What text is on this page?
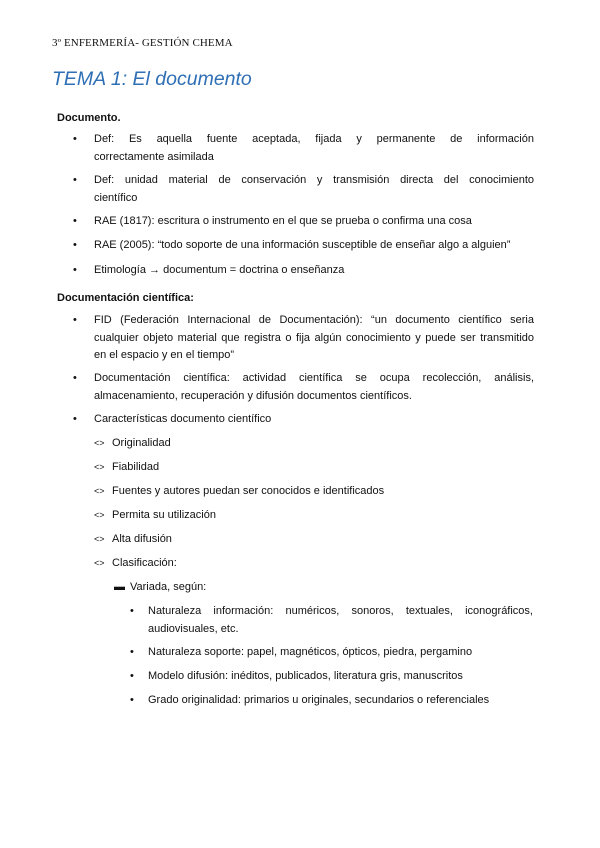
3º ENFERMERÍA- GESTIÓN CHEMA
TEMA 1: El documento
Documento.
• Def: Es aquella fuente aceptada, fijada y permanente de información
correctamente asimilada
• Def: unidad material de conservación y transmisión directa del conocimiento
científico
• RAE (1817): escritura o instrumento en el que se prueba o confirma una cosa
• RAE (2005): “todo soporte de una información susceptible de enseñar algo a alguien”
• Etimología → documentum = doctrina o enseñanza
Documentación científica:
• FID (Federación Internacional de Documentación): “un documento científico seria
cualquier objeto material que registra o fija algún conocimiento y puede ser transmitido
en el espacio y en el tiempo”
• Documentación científica: actividad científica se ocupa recolección, análisis,
almacenamiento, recuperación y difusión documentos científicos.
• Características documento científico
<> Originalidad
<> Fiabilidad
<> Fuentes y autores puedan ser conocidos e identificados
<> Permita su utilización
<> Alta difusión
<> Clasificación:
▬ Variada, según:
• Naturaleza información: numéricos, sonoros, textuales, iconográficos,
audiovisuales, etc.
• Naturaleza soporte: papel, magnéticos, ópticos, piedra, pergamino
• Modelo difusión: inéditos, publicados, literatura gris, manuscritos
• Grado originalidad: primarios u originales, secundarios o referenciales
